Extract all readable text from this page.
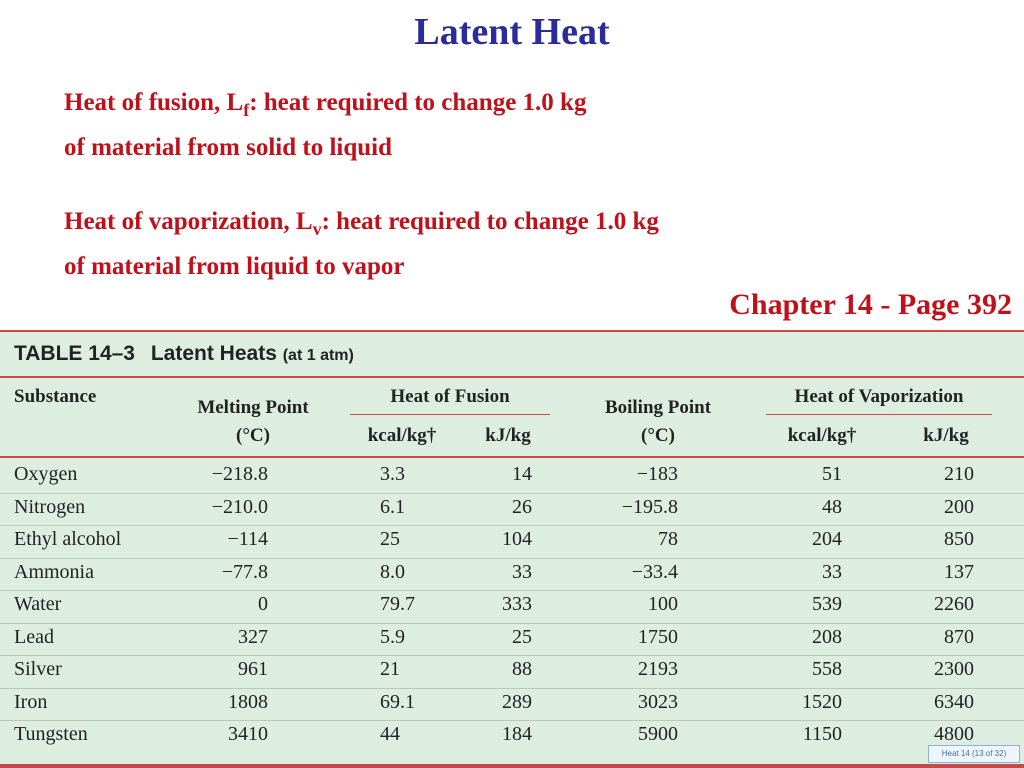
Latent Heat
Heat of fusion, $L_f$: heat required to change 1.0 kg
of material from solid to liquid
Heat of vaporization, $L_v$: heat required to change 1.0 kg
of material from liquid to vapor
Chapter 14 - Page 392
TABLE 14–3 Latent Heats (at 1 atm)
Substance
Melting Point
(°C)
Heat of Fusion
kcal/kg†	kJ/kg
Boiling Point
(°C)
Heat of Vaporization
kcal/kg†	kJ/kg
Oxygen	−218.8	3.3	14	−183	51	210
Nitrogen	−210.0	6.1	26	−195.8	48	200
Ethyl alcohol	−114	25	104	78	204	850
Ammonia	−77.8	8.0	33	−33.4	33	137
Water	0	79.7	333	100	539	2260
Lead	327	5.9	25	1750	208	870
Silver	961	21	88	2193	558	2300
Iron	1808	69.1	289	3023	1520	6340
Tungsten	3410	44	184	5900	1150	4800
Heat 14 (13 of 32)
